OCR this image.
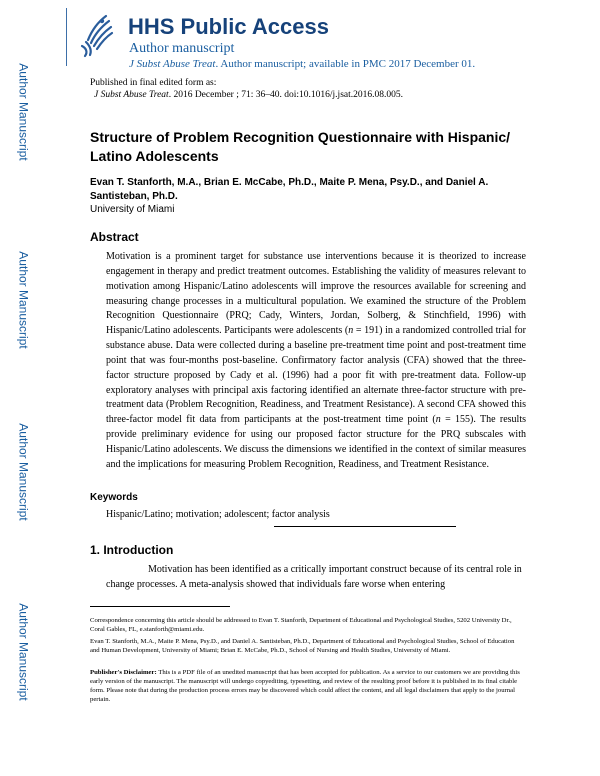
Author Manuscript
Author Manuscript
Author Manuscript
Author Manuscript
HHS Public Access
Author manuscript
J Subst Abuse Treat. Author manuscript; available in PMC 2017 December 01.
Published in final edited form as:
J Subst Abuse Treat. 2016 December ; 71: 36–40. doi:10.1016/j.jsat.2016.08.005.
Structure of Problem Recognition Questionnaire with Hispanic/ Latino Adolescents
Evan T. Stanforth, M.A., Brian E. McCabe, Ph.D., Maite P. Mena, Psy.D., and Daniel A. Santisteban, Ph.D.
University of Miami
Abstract
Motivation is a prominent target for substance use interventions because it is theorized to increase engagement in therapy and predict treatment outcomes. Establishing the validity of measures relevant to motivation among Hispanic/Latino adolescents will improve the resources available for screening and measuring change processes in a multicultural population. We examined the structure of the Problem Recognition Questionnaire (PRQ; Cady, Winters, Jordan, Solberg, & Stinchfield, 1996) with Hispanic/Latino adolescents. Participants were adolescents (n = 191) in a randomized controlled trial for substance abuse. Data were collected during a baseline pre-treatment time point and post-treatment time point that was four-months post-baseline. Confirmatory factor analysis (CFA) showed that the three-factor structure proposed by Cady et al. (1996) had a poor fit with pre-treatment data. Follow-up exploratory analyses with principal axis factoring identified an alternate three-factor structure with pre-treatment data (Problem Recognition, Readiness, and Treatment Resistance). A second CFA showed this three-factor model fit data from participants at the post-treatment time point (n = 155). The results provide preliminary evidence for using our proposed factor structure for the PRQ subscales with Hispanic/Latino adolescents. We discuss the dimensions we identified in the context of similar measures and the implications for measuring Problem Recognition, Readiness, and Treatment Resistance.
Keywords
Hispanic/Latino; motivation; adolescent; factor analysis
1. Introduction
Motivation has been identified as a critically important construct because of its central role in change processes. A meta-analysis showed that individuals fare worse when entering
Correspondence concerning this article should be addressed to Evan T. Stanforth, Department of Educational and Psychological Studies, 5202 University Dr., Coral Gables, FL, e.stanforth@miami.edu.
Evan T. Stanforth, M.A., Maite P. Mena, Psy.D., and Daniel A. Santisteban, Ph.D., Department of Educational and Psychological Studies, School of Education and Human Development, University of Miami; Brian E. McCabe, Ph.D., School of Nursing and Health Studies, University of Miami.
Publisher's Disclaimer: This is a PDF file of an unedited manuscript that has been accepted for publication. As a service to our customers we are providing this early version of the manuscript. The manuscript will undergo copyediting, typesetting, and review of the resulting proof before it is published in its final citable form. Please note that during the production process errors may be discovered which could affect the content, and all legal disclaimers that apply to the journal pertain.
